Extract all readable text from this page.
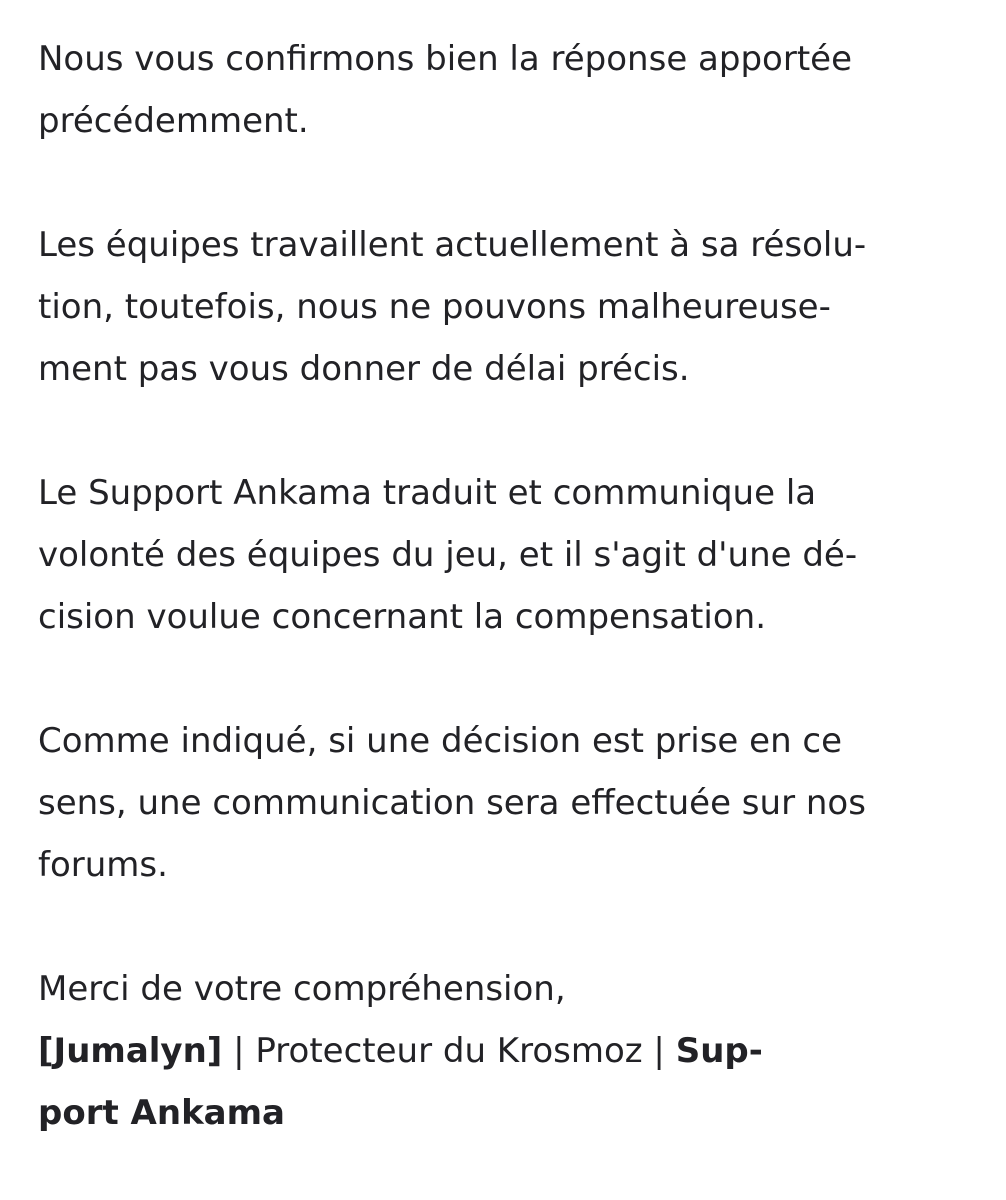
Nous vous confirmons bien la réponse apportée
précédemment.

Les équipes travaillent actuellement à sa résolu-
tion, toutefois, nous ne pouvons malheureuse-
ment pas vous donner de délai précis.

Le Support Ankama traduit et communique la
volonté des équipes du jeu, et il s'agit d'une dé-
cision voulue concernant la compensation.

Comme indiqué, si une décision est prise en ce
sens, une communication sera effectuée sur nos
forums.

Merci de votre compréhension,
[Jumalyn] | Protecteur du Krosmoz | Sup-
port Ankama
